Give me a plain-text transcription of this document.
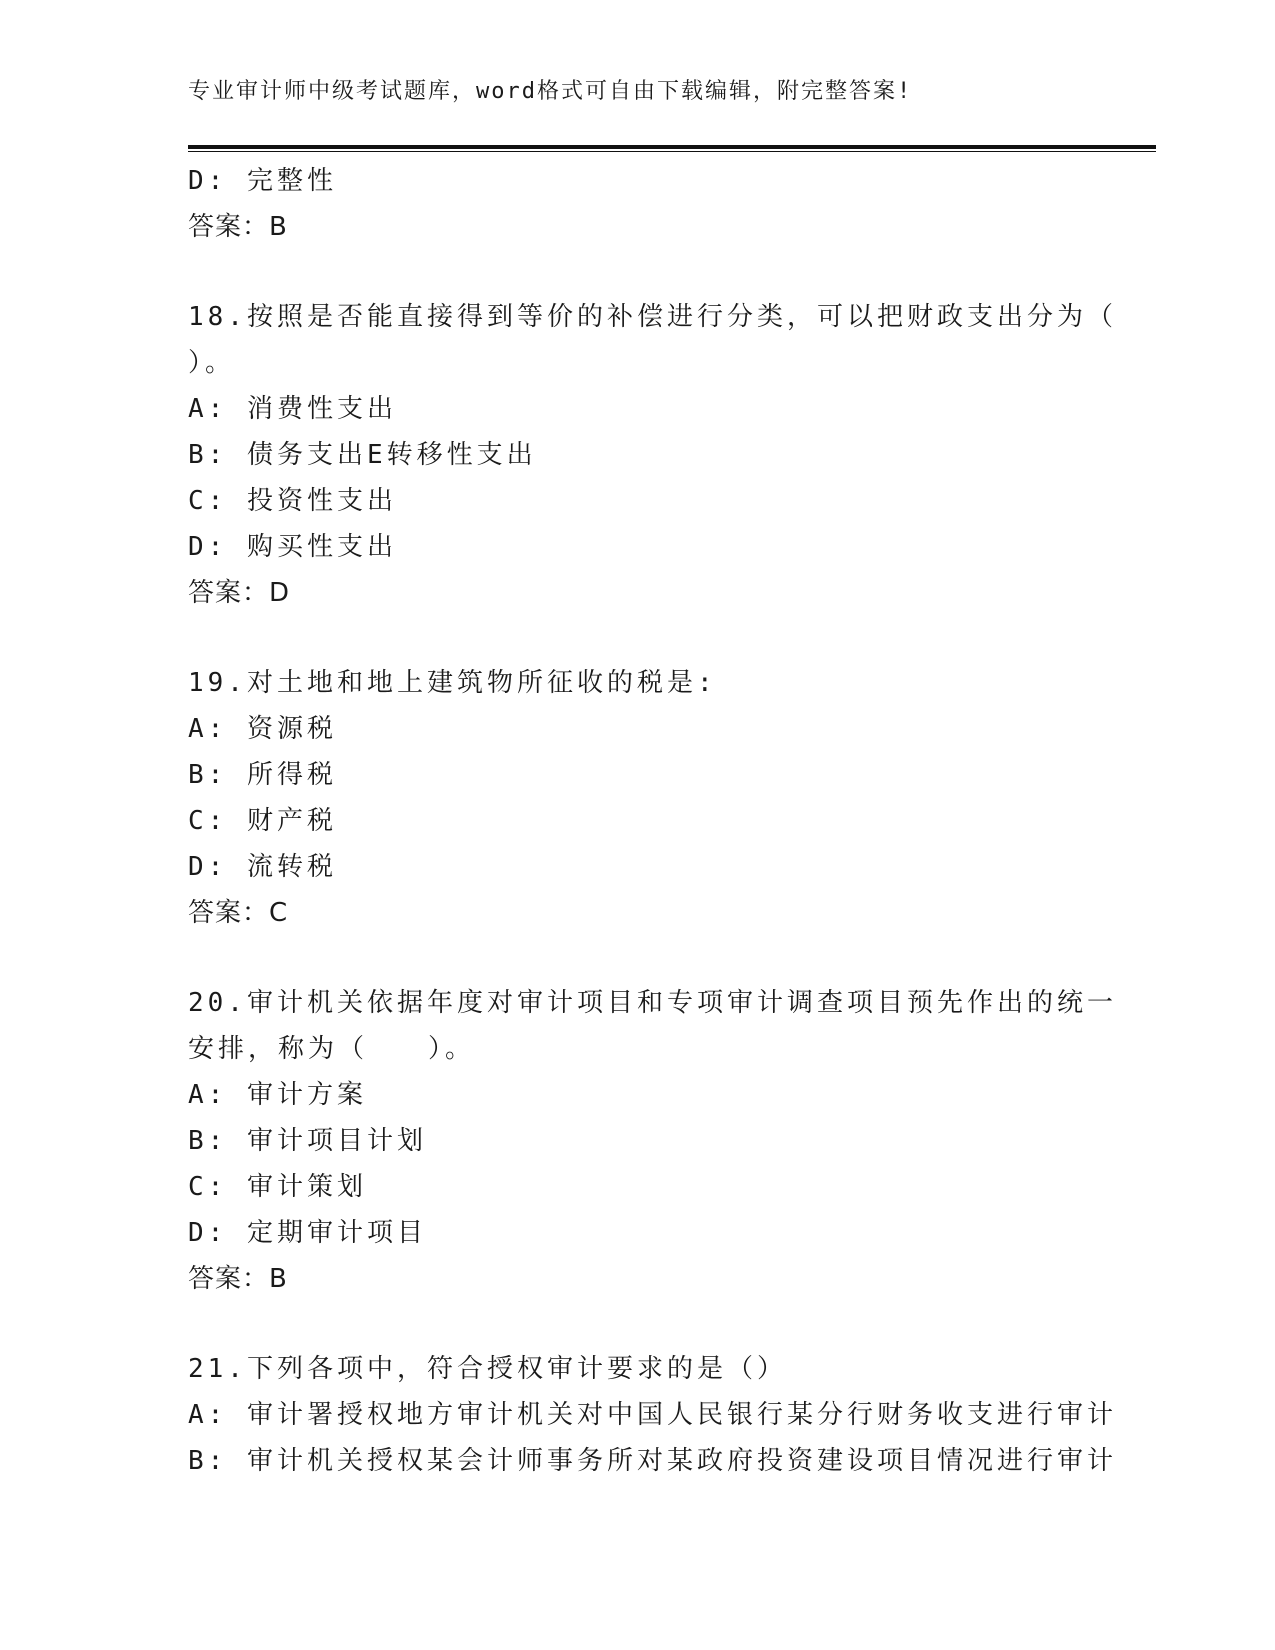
专业审计师中级考试题库，word格式可自由下载编辑，附完整答案!
D: 完整性
答案：B
18.按照是否能直接得到等价的补偿进行分类，可以把财政支出分为（
）。
A: 消费性支出
B: 债务支出E转移性支出
C: 投资性支出
D: 购买性支出
答案：D
19.对土地和地上建筑物所征收的税是:
A: 资源税
B: 所得税
C: 财产税
D: 流转税
答案：C
20.审计机关依据年度对审计项目和专项审计调查项目预先作出的统一
安排，称为（　　）。
A: 审计方案
B: 审计项目计划
C: 审计策划
D: 定期审计项目
答案：B
21.下列各项中，符合授权审计要求的是（）
A: 审计署授权地方审计机关对中国人民银行某分行财务收支进行审计
B: 审计机关授权某会计师事务所对某政府投资建设项目情况进行审计
